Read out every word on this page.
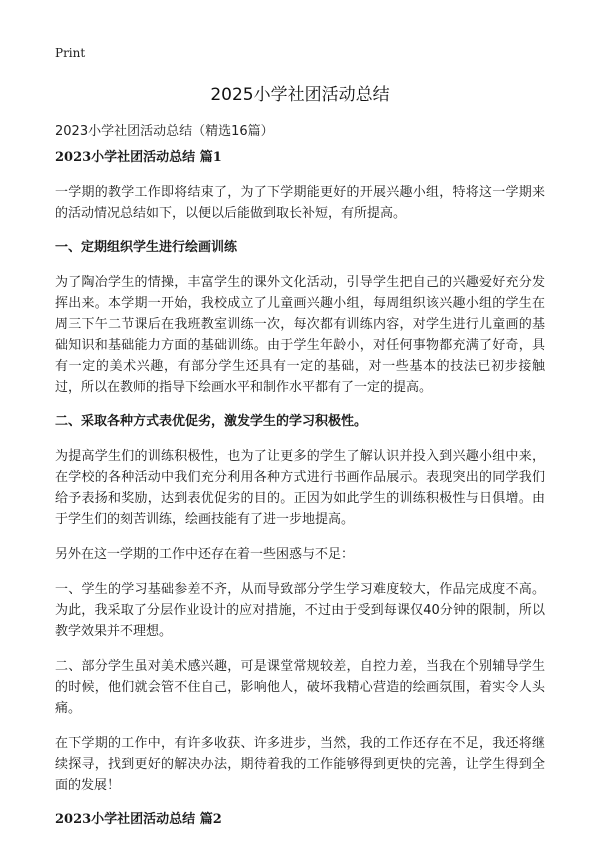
Print
2025小学社团活动总结
2023小学社团活动总结（精选16篇）
2023小学社团活动总结 篇1

一学期的教学工作即将结束了，为了下学期能更好的开展兴趣小组，特将这一学期来的活动情况总结如下，以便以后能做到取长补短，有所提高。

一、定期组织学生进行绘画训练

为了陶冶学生的情操，丰富学生的课外文化活动，引导学生把自己的兴趣爱好充分发挥出来。本学期一开始，我校成立了儿童画兴趣小组，每周组织该兴趣小组的学生在周三下午二节课后在我班教室训练一次，每次都有训练内容，对学生进行儿童画的基础知识和基础能力方面的基础训练。由于学生年龄小，对任何事物都充满了好奇，具有一定的美术兴趣，有部分学生还具有一定的基础，对一些基本的技法已初步接触过，所以在教师的指导下绘画水平和制作水平都有了一定的提高。

二、采取各种方式表优促劣，激发学生的学习积极性。

为提高学生们的训练积极性，也为了让更多的学生了解认识并投入到兴趣小组中来，在学校的各种活动中我们充分利用各种方式进行书画作品展示。表现突出的同学我们给予表扬和奖励，达到表优促劣的目的。正因为如此学生的训练积极性与日俱增。由于学生们的刻苦训练，绘画技能有了进一步地提高。

另外在这一学期的工作中还存在着一些困惑与不足：

一、学生的学习基础参差不齐，从而导致部分学生学习难度较大，作品完成度不高。为此，我采取了分层作业设计的应对措施，不过由于受到每课仅40分钟的限制，所以教学效果并不理想。

二、部分学生虽对美术感兴趣，可是课堂常规较差，自控力差，当我在个别辅导学生的时候，他们就会管不住自己，影响他人，破坏我精心营造的绘画氛围，着实令人头痛。

在下学期的工作中，有许多收获、许多进步，当然，我的工作还存在不足，我还将继续探寻，找到更好的解决办法，期待着我的工作能够得到更快的完善，让学生得到全面的发展！

2023小学社团活动总结 篇2
